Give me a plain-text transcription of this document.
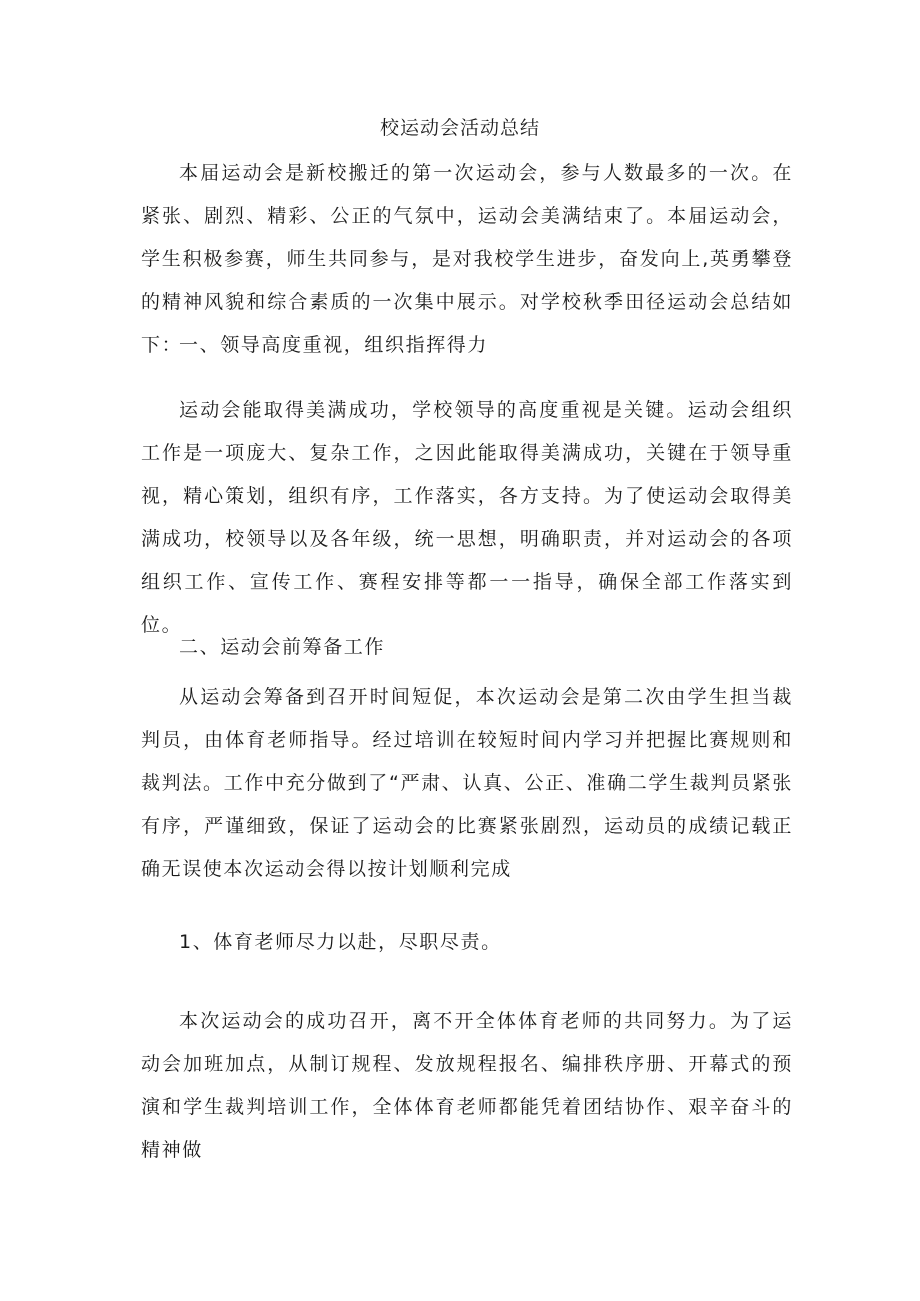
校运动会活动总结

本届运动会是新校搬迁的第一次运动会，参与人数最多的一次。在紧张、剧烈、精彩、公正的气氛中，运动会美满结束了。本届运动会，学生积极参赛，师生共同参与，是对我校学生进步，奋发向上,英勇攀登的精神风貌和综合素质的一次集中展示。对学校秋季田径运动会总结如下：

一、领导高度重视，组织指挥得力

运动会能取得美满成功，学校领导的高度重视是关键。运动会组织工作是一项庞大、复杂工作，之因此能取得美满成功，关键在于领导重视，精心策划，组织有序，工作落实，各方支持。为了使运动会取得美满成功，校领导以及各年级，统一思想，明确职责，并对运动会的各项组织工作、宣传工作、赛程安排等都一一指导，确保全部工作落实到位。

二、运动会前筹备工作

从运动会筹备到召开时间短促，本次运动会是第二次由学生担当裁判员，由体育老师指导。经过培训在较短时间内学习并把握比赛规则和裁判法。工作中充分做到了“严肃、认真、公正、准确二学生裁判员紧张有序，严谨细致，保证了运动会的比赛紧张剧烈，运动员的成绩记载正确无误使本次运动会得以按计划顺利完成

1、体育老师尽力以赴，尽职尽责。

本次运动会的成功召开，离不开全体体育老师的共同努力。为了运动会加班加点，从制订规程、发放规程报名、编排秩序册、开幕式的预演和学生裁判培训工作，全体体育老师都能凭着团结协作、艰辛奋斗的精神做
